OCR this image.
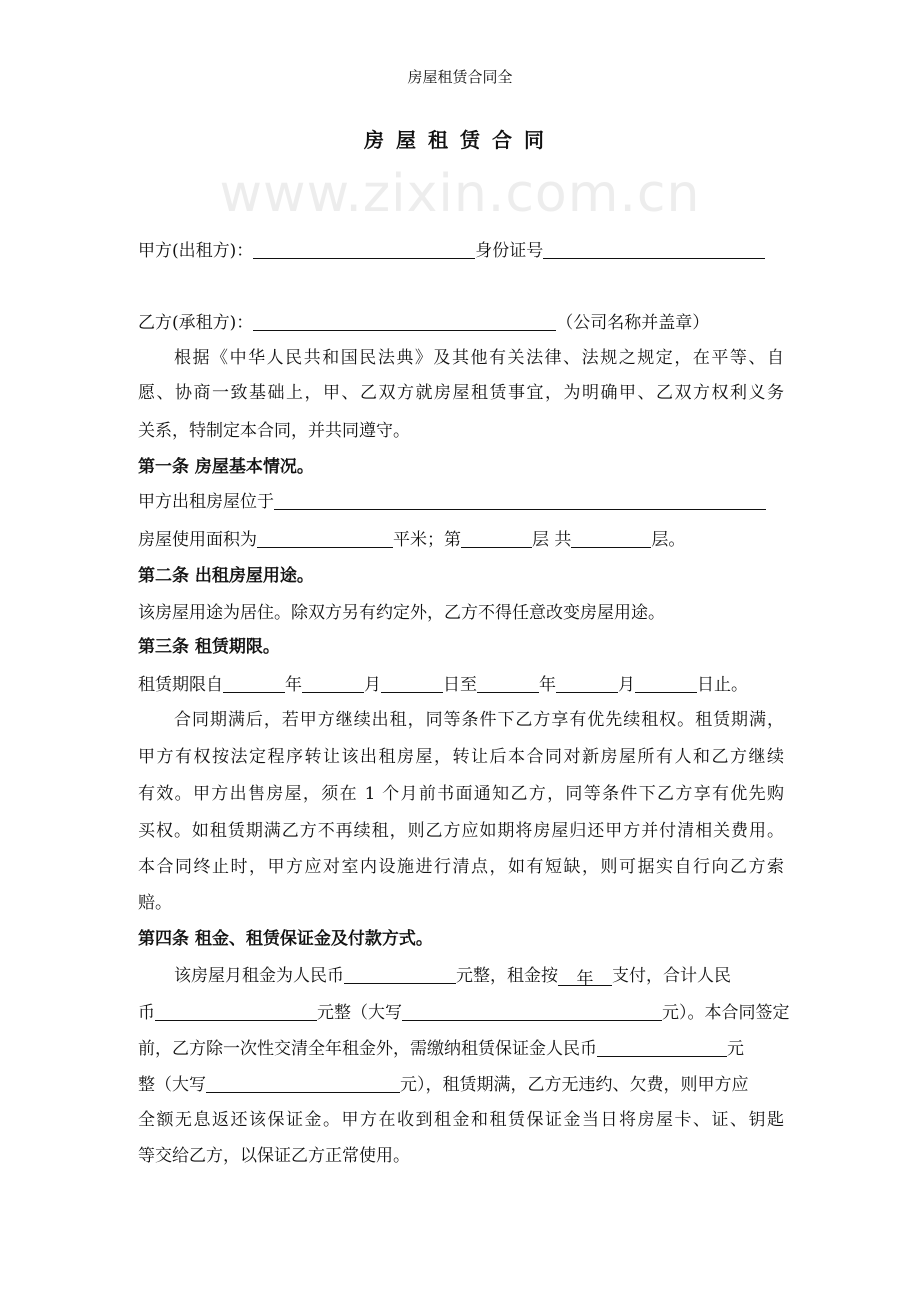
www.zixin.com.cn
房屋租赁合同全
房屋租赁合同
甲方(出租方)：	身份证号
乙方(承租方)：	（公司名称并盖章）
根据《中华人民共和国民法典》及其他有关法律、法规之规定，在平等、自
愿、协商一致基础上，甲、乙双方就房屋租赁事宜，为明确甲、乙双方权利义务
关系，特制定本合同，并共同遵守。
第一条 房屋基本情况。
甲方出租房屋位于
房屋使用面积为	平米；第	层 共	层。
第二条 出租房屋用途。
该房屋用途为居住。除双方另有约定外，乙方不得任意改变房屋用途。
第三条 租赁期限。
租赁期限自	年	月	日至	年	月	日止。
合同期满后，若甲方继续出租，同等条件下乙方享有优先续租权。租赁期满，
甲方有权按法定程序转让该出租房屋，转让后本合同对新房屋所有人和乙方继续
有效。甲方出售房屋，须在 1 个月前书面通知乙方，同等条件下乙方享有优先购
买权。如租赁期满乙方不再续租，则乙方应如期将房屋归还甲方并付清相关费用。
本合同终止时，甲方应对室内设施进行清点，如有短缺，则可据实自行向乙方索
赔。
第四条 租金、租赁保证金及付款方式。
该房屋月租金为人民币	元整，租金按 年 支付，合计人民
币	元整（大写	元）。本合同签定
前，乙方除一次性交清全年租金外，需缴纳租赁保证金人民币	元
整（大写	元），租赁期满，乙方无违约、欠费，则甲方应
全额无息返还该保证金。甲方在收到租金和租赁保证金当日将房屋卡、证、钥匙
等交给乙方，以保证乙方正常使用。
